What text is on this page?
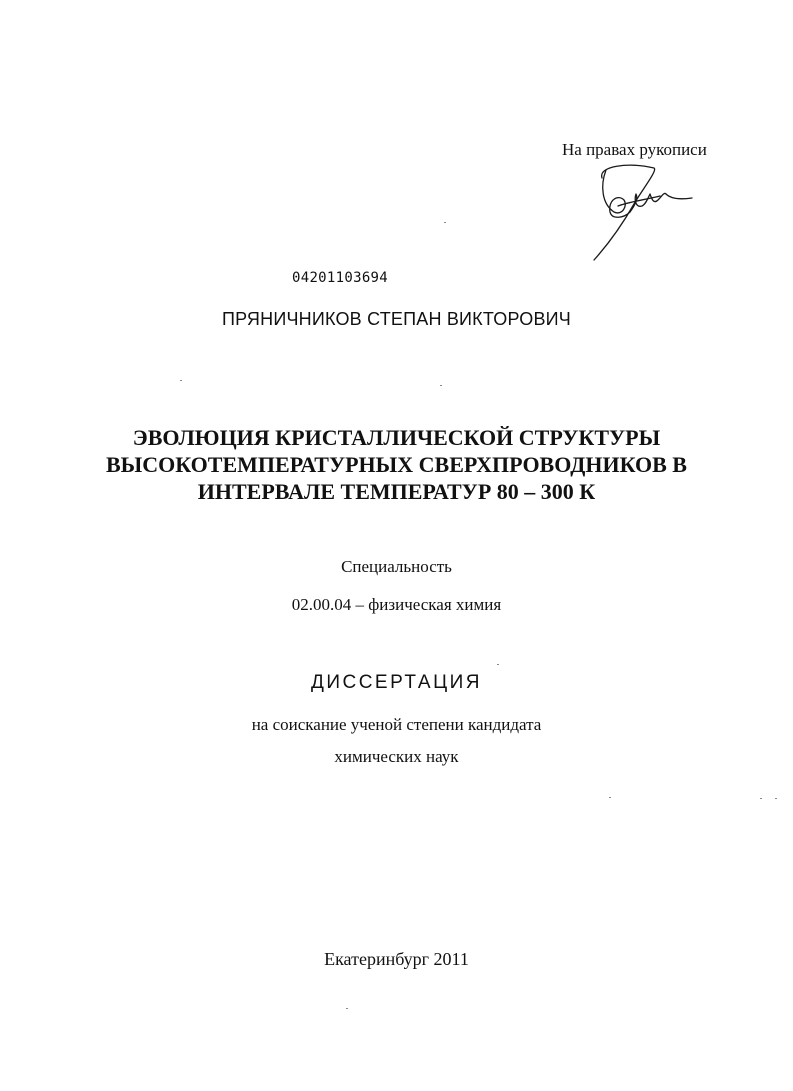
На правах рукописи
04201103694
ПРЯНИЧНИКОВ СТЕПАН ВИКТОРОВИЧ
ЭВОЛЮЦИЯ КРИСТАЛЛИЧЕСКОЙ СТРУКТУРЫ
ВЫСОКОТЕМПЕРАТУРНЫХ СВЕРХПРОВОДНИКОВ В
ИНТЕРВАЛЕ ТЕМПЕРАТУР 80 – 300 К
Специальность
02.00.04 – физическая химия
ДИССЕРТАЦИЯ
на соискание ученой степени кандидата
химических наук
Екатеринбург 2011
